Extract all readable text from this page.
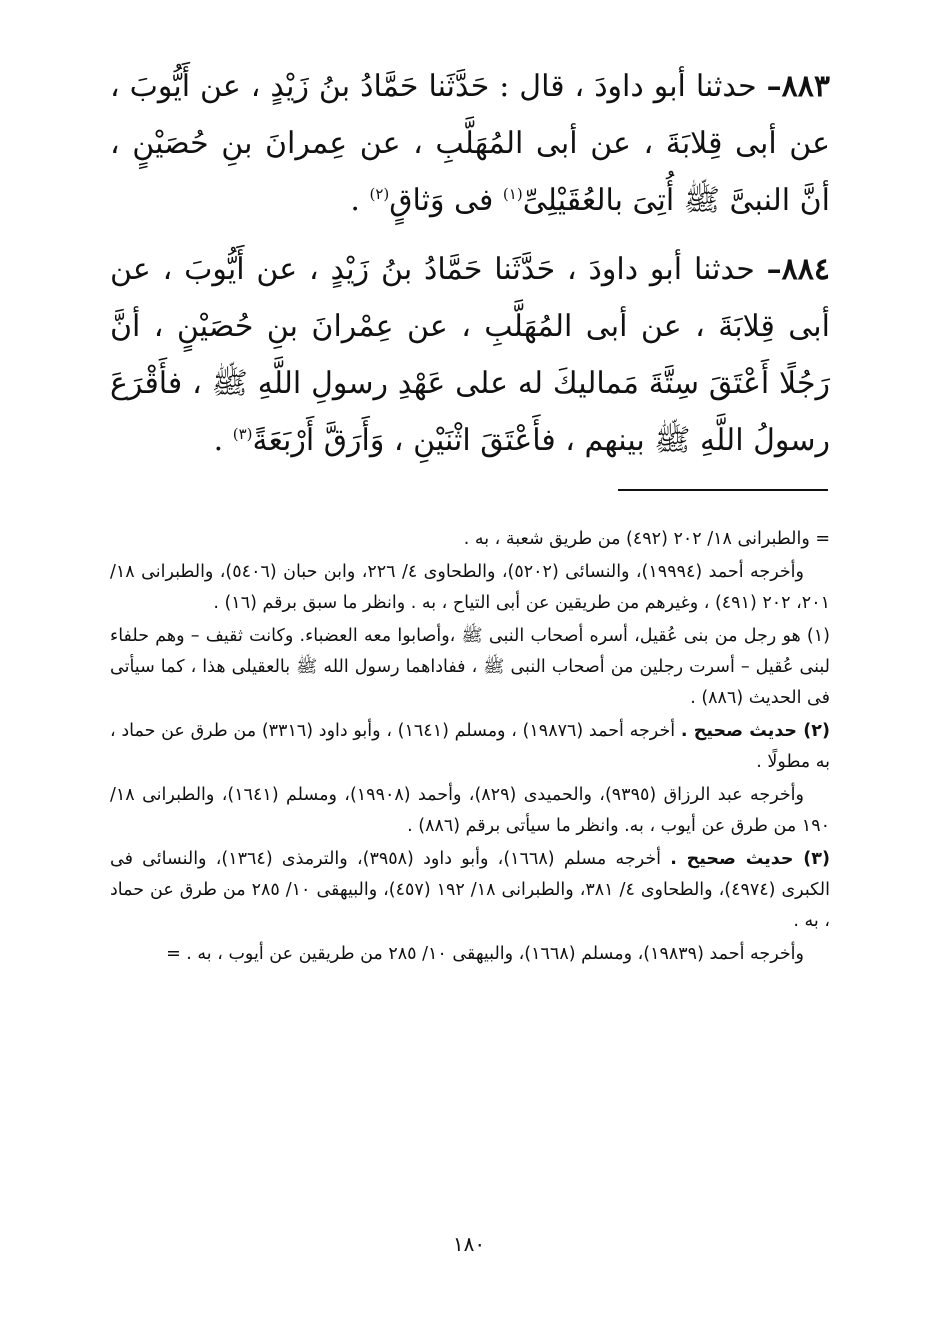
٨٨٣– حدثنا أبو داودَ ، قال : حَدَّثَنا حَمَّادُ بنُ زَيْدٍ ، عن أَيُّوبَ ، عن أبى قِلابَةَ ، عن أبى المُهَلَّبِ ، عن عِمرانَ بنِ حُصَيْنٍ ، أنَّ النبىَّ ﷺ أُتِىَ بالعُقَيْلِىِّ$^{(١)}$ فى وَثاقٍ$^{(٢)}$ .

٨٨٤– حدثنا أبو داودَ ، حَدَّثَنا حَمَّادُ بنُ زَيْدٍ ، عن أَيُّوبَ ، عن أبى قِلابَةَ ، عن أبى المُهَلَّبِ ، عن عِمْرانَ بنِ حُصَيْنٍ ، أنَّ رَجُلًا أَعْتَقَ سِتَّةَ مَماليكَ له على عَهْدِ رسولِ اللَّهِ ﷺ ، فأَقْرَعَ رسولُ اللَّهِ ﷺ بينهم ، فأَعْتَقَ اثْنَيْنِ ، وَأَرَقَّ أَرْبَعَةً$^{(٣)}$ .

= والطبرانى ١٨/ ٢٠٢ (٤٩٢) من طريق شعبة ، به .

وأخرجه أحمد (١٩٩٩٤)، والنسائى (٥٢٠٢)، والطحاوى ٤/ ٢٢٦، وابن حبان (٥٤٠٦)، والطبرانى ١٨/ ٢٠١، ٢٠٢ (٤٩١) ، وغيرهم من طريقين عن أبى التياح ، به . وانظر ما سبق برقم (١٦) .

(١) هو رجل من بنى عُقيل، أسره أصحاب النبى ﷺ ،وأصابوا معه العضباء. وكانت ثقيف – وهم حلفاء لبنى عُقيل – أسرت رجلين من أصحاب النبى ﷺ ، ففاداهما رسول الله ﷺ بالعقيلى هذا ، كما سيأتى فى الحديث (٨٨٦) .

(٢) حديث صحيح . أخرجه أحمد (١٩٨٧٦) ، ومسلم (١٦٤١) ، وأبو داود (٣٣١٦) من طرق عن حماد ، به مطولًا .

وأخرجه عبد الرزاق (٩٣٩٥)، والحميدى (٨٢٩)، وأحمد (١٩٩٠٨)، ومسلم (١٦٤١)، والطبرانى ١٨/ ١٩٠ من طرق عن أيوب ، به. وانظر ما سيأتى برقم (٨٨٦) .

(٣) حديث صحيح . أخرجه مسلم (١٦٦٨)، وأبو داود (٣٩٥٨)، والترمذى (١٣٦٤)، والنسائى فى الكبرى (٤٩٧٤)، والطحاوى ٤/ ٣٨١، والطبرانى ١٨/ ١٩٢ (٤٥٧)، والبيهقى ١٠/ ٢٨٥ من طرق عن حماد ، به .

وأخرجه أحمد (١٩٨٣٩)، ومسلم (١٦٦٨)، والبيهقى ١٠/ ٢٨٥ من طريقين عن أيوب ، به . =

١٨٠
